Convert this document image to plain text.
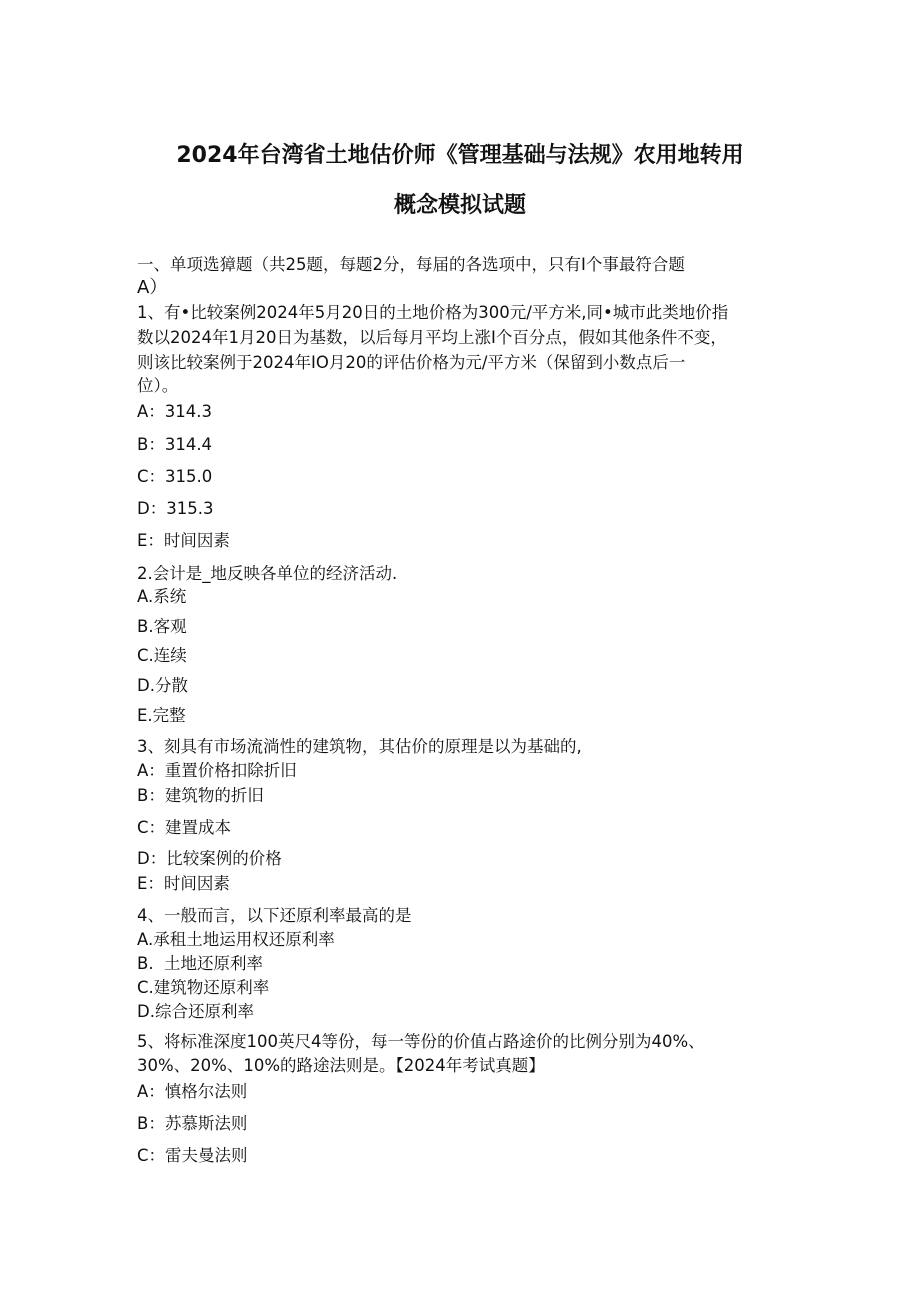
2024年台湾省土地估价师《管理基础与法规》农用地转用
概念模拟试题
一、单项选獐题（共25题，每题2分，每届的各选项中，只有I个事最符合题
A）
1、有•比较案例2024年5月20日的土地价格为300元/平方米,同•城市此类地价指
数以2024年1月20日为基数，以后每月平均上涨I个百分点，假如其他条件不变，
则该比较案例于2024年IO月20的评估价格为元/平方米（保留到小数点后一
位）。
A：314.3
B：314.4
C：315.0
D：315.3
E：时间因素
2.会计是_地反映各单位的经济活动.
A.系统
B.客观
C.连续
D.分散
E.完整
3、刻具有市场流淌性的建筑物，其估价的原理是以为基础的,
A：重置价格扣除折旧
B：建筑物的折旧
C：建置成本
D：比较案例的价格
E：时间因素
4、一般而言，以下还原利率最高的是
A.承租土地运用权还原利率
B.  土地还原利率
C.建筑物还原利率
D.综合还原利率
5、将标准深度100英尺4等份，每一等份的价值占路途价的比例分别为40%、
30%、20%、10%的路途法则是。【2024年考试真题】
A：慎格尔法则
B：苏慕斯法则
C：雷夫曼法则
